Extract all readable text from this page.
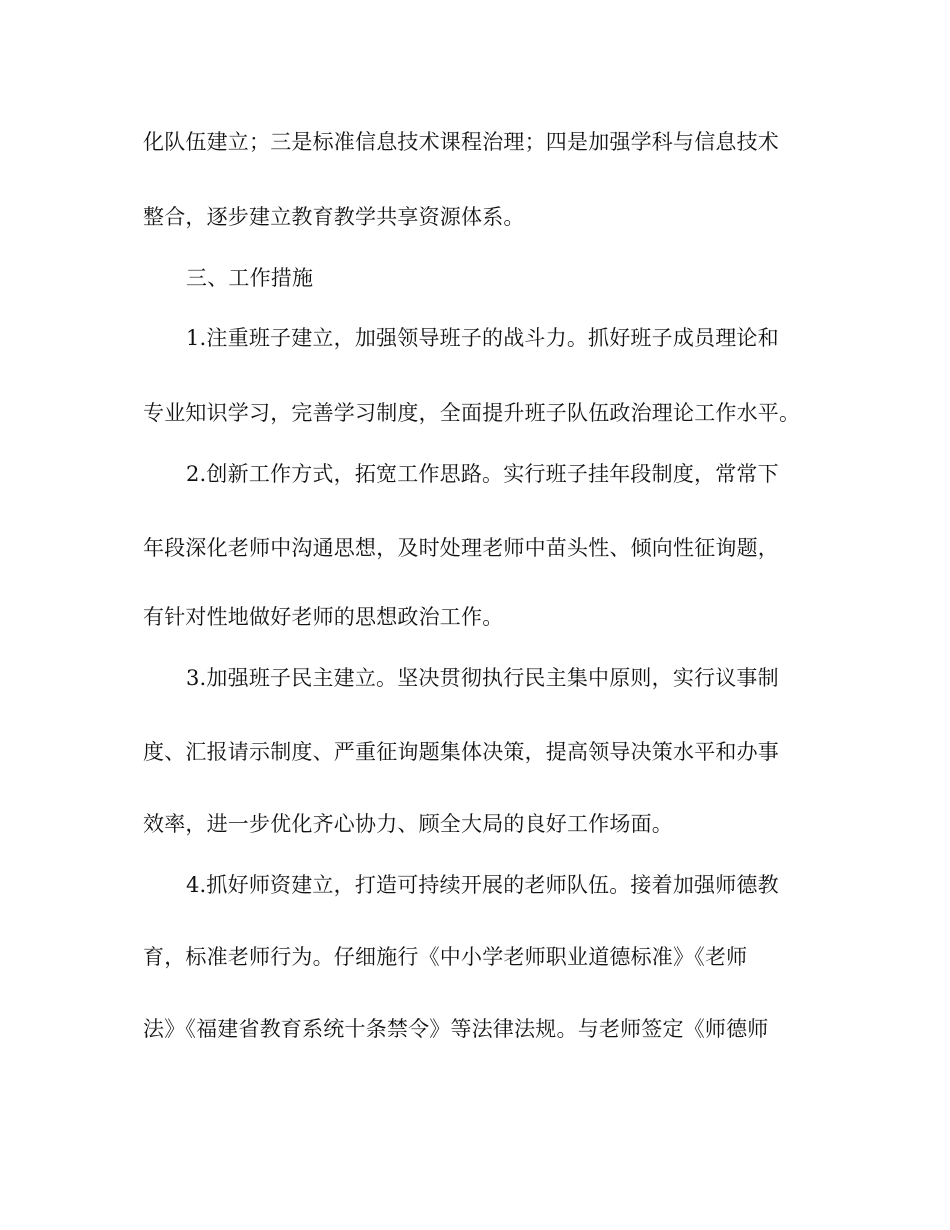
化队伍建立；三是标准信息技术课程治理；四是加强学科与信息技术
整合，逐步建立教育教学共享资源体系。
三、工作措施
1.注重班子建立，加强领导班子的战斗力。抓好班子成员理论和
专业知识学习，完善学习制度，全面提升班子队伍政治理论工作水平。
2.创新工作方式，拓宽工作思路。实行班子挂年段制度，常常下
年段深化老师中沟通思想，及时处理老师中苗头性、倾向性征询题，
有针对性地做好老师的思想政治工作。
3.加强班子民主建立。坚决贯彻执行民主集中原则，实行议事制
度、汇报请示制度、严重征询题集体决策，提高领导决策水平和办事
效率，进一步优化齐心协力、顾全大局的良好工作场面。
4.抓好师资建立，打造可持续开展的老师队伍。接着加强师德教
育，标准老师行为。仔细施行《中小学老师职业道德标准》《老师
法》《福建省教育系统十条禁令》等法律法规。与老师签定《师德师
